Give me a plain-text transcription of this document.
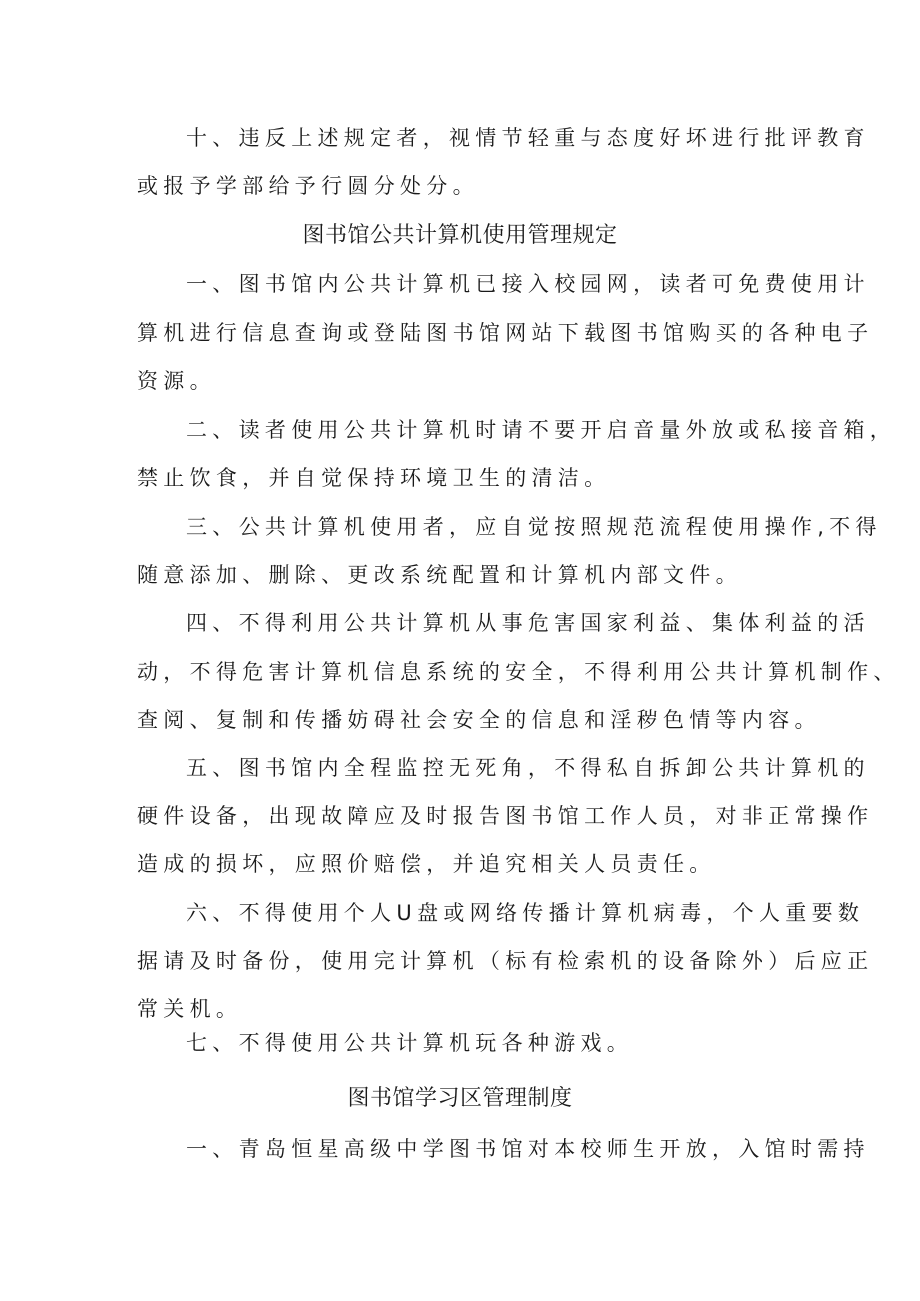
十、违反上述规定者，视情节轻重与态度好坏进行批评教育
或报予学部给予行圆分处分。
图书馆公共计算机使用管理规定
一、图书馆内公共计算机已接入校园网，读者可免费使用计
算机进行信息查询或登陆图书馆网站下载图书馆购买的各种电子
资源。
二、读者使用公共计算机时请不要开启音量外放或私接音箱，
禁止饮食，并自觉保持环境卫生的清洁。
三、公共计算机使用者，应自觉按照规范流程使用操作,不得
随意添加、删除、更改系统配置和计算机内部文件。
四、不得利用公共计算机从事危害国家利益、集体利益的活
动，不得危害计算机信息系统的安全，不得利用公共计算机制作、
查阅、复制和传播妨碍社会安全的信息和淫秽色情等内容。
五、图书馆内全程监控无死角，不得私自拆卸公共计算机的
硬件设备，出现故障应及时报告图书馆工作人员，对非正常操作
造成的损坏，应照价赔偿，并追究相关人员责任。
六、不得使用个人U盘或网络传播计算机病毒，个人重要数
据请及时备份，使用完计算机（标有检索机的设备除外）后应正
常关机。
七、不得使用公共计算机玩各种游戏。
图书馆学习区管理制度
一、青岛恒星高级中学图书馆对本校师生开放，入馆时需持
